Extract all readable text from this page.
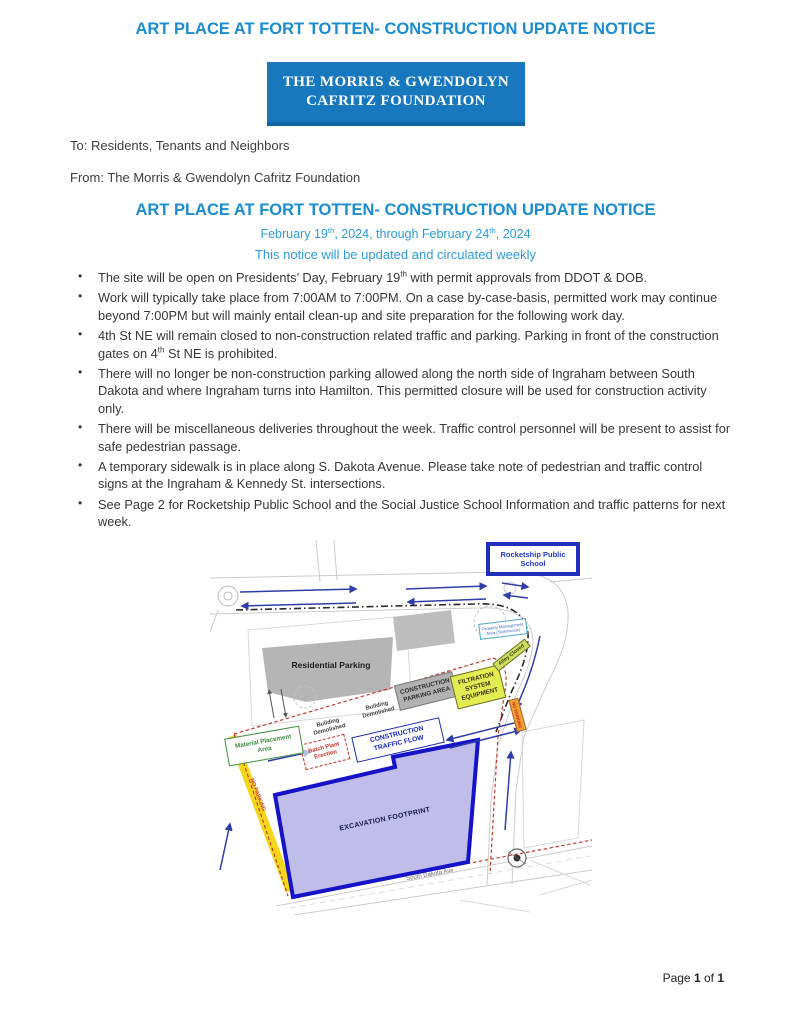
ART PLACE AT FORT TOTTEN- CONSTRUCTION UPDATE NOTICE
THE MORRIS & GWENDOLYN
CAFRITZ FOUNDATION
To: Residents, Tenants and Neighbors
From: The Morris & Gwendolyn Cafritz Foundation
ART PLACE AT FORT TOTTEN- CONSTRUCTION UPDATE NOTICE
February 19th, 2024, through February 24th, 2024
This notice will be updated and circulated weekly
• The site will be open on Presidents’ Day, February 19th with permit approvals from DDOT & DOB.
• Work will typically take place from 7:00AM to 7:00PM. On a case by-case-basis, permitted work may continue beyond 7:00PM but will mainly entail clean-up and site preparation for the following work day.
• 4th St NE will remain closed to non-construction related traffic and parking. Parking in front of the construction gates on 4th St NE is prohibited.
• There will no longer be non-construction parking allowed along the north side of Ingraham between South Dakota and where Ingraham turns into Hamilton. This permitted closure will be used for construction activity only.
• There will be miscellaneous deliveries throughout the week. Traffic control personnel will be present to assist for safe pedestrian passage.
• A temporary sidewalk is in place along S. Dakota Avenue. Please take note of pedestrian and traffic control signs at the Ingraham & Kennedy St. intersections.
• See Page 2 for Rocketship Public School and the Social Justice School Information and traffic patterns for next week.
Rocketship Public School
Residential Parking
CONSTRUCTION PARKING AREA
FILTRATION SYSTEM EQUIPMENT
Building Demolished
Building Demolished
Batch Plant Erection
Material Placement Area
CONSTRUCTION TRAFFIC FLOW
EXCAVATION FOOTPRINT
Property Management Area (Storehouse)
Alley Closed
NO PARKING
NO PARKING
South Dakota Ave
Page 1 of 1
